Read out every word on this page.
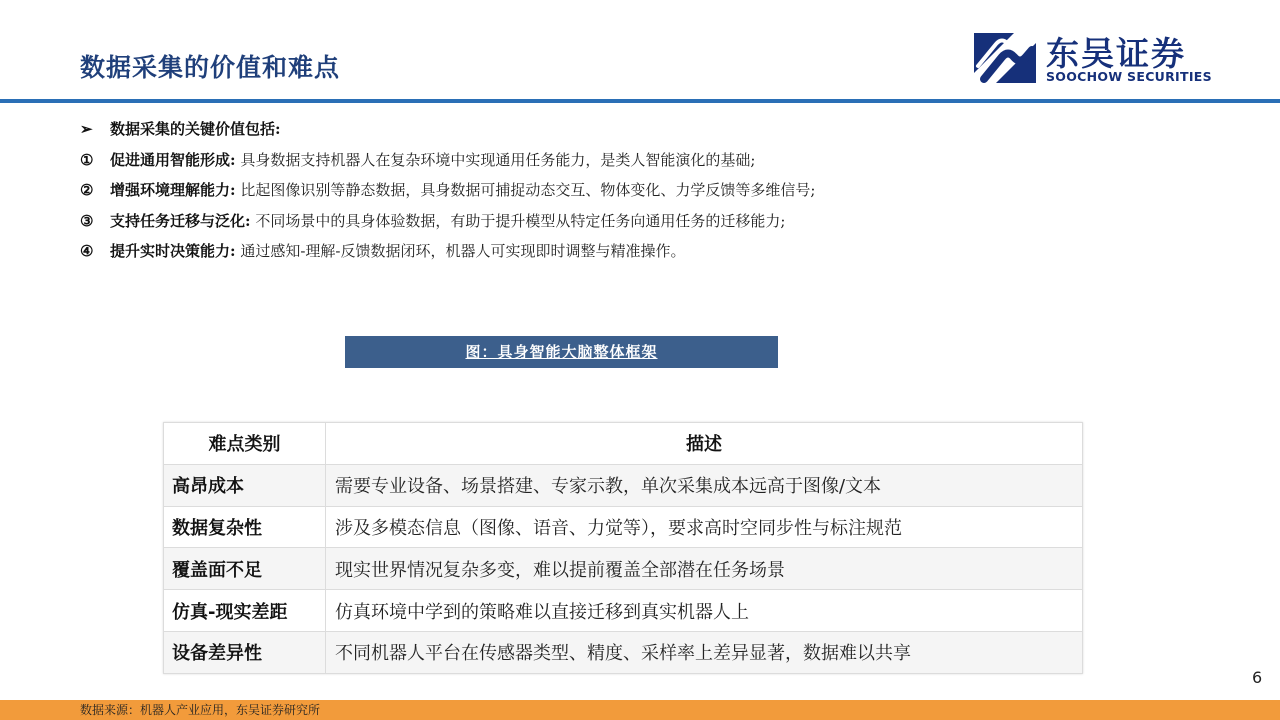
数据采集的价值和难点	东吴证券
SOOCHOW SECURITIES
➢ 数据采集的关键价值包括:
① 促进通用智能形成: 具身数据支持机器人在复杂环境中实现通用任务能力，是类人智能演化的基础;
② 增强环境理解能力: 比起图像识别等静态数据，具身数据可捕捉动态交互、物体变化、力学反馈等多维信号;
③ 支持任务迁移与泛化: 不同场景中的具身体验数据，有助于提升模型从特定任务向通用任务的迁移能力;
④ 提升实时决策能力: 通过感知-理解-反馈数据闭环，机器人可实现即时调整与精准操作。
图：具身智能大脑整体框架
难点类别	描述
高昂成本	需要专业设备、场景搭建、专家示教，单次采集成本远高于图像/文本
数据复杂性	涉及多模态信息（图像、语音、力觉等），要求高时空同步性与标注规范
覆盖面不足	现实世界情况复杂多变，难以提前覆盖全部潜在任务场景
仿真-现实差距	仿真环境中学到的策略难以直接迁移到真实机器人上
设备差异性	不同机器人平台在传感器类型、精度、采样率上差异显著，数据难以共享
6
数据来源：机器人产业应用，东吴证券研究所
